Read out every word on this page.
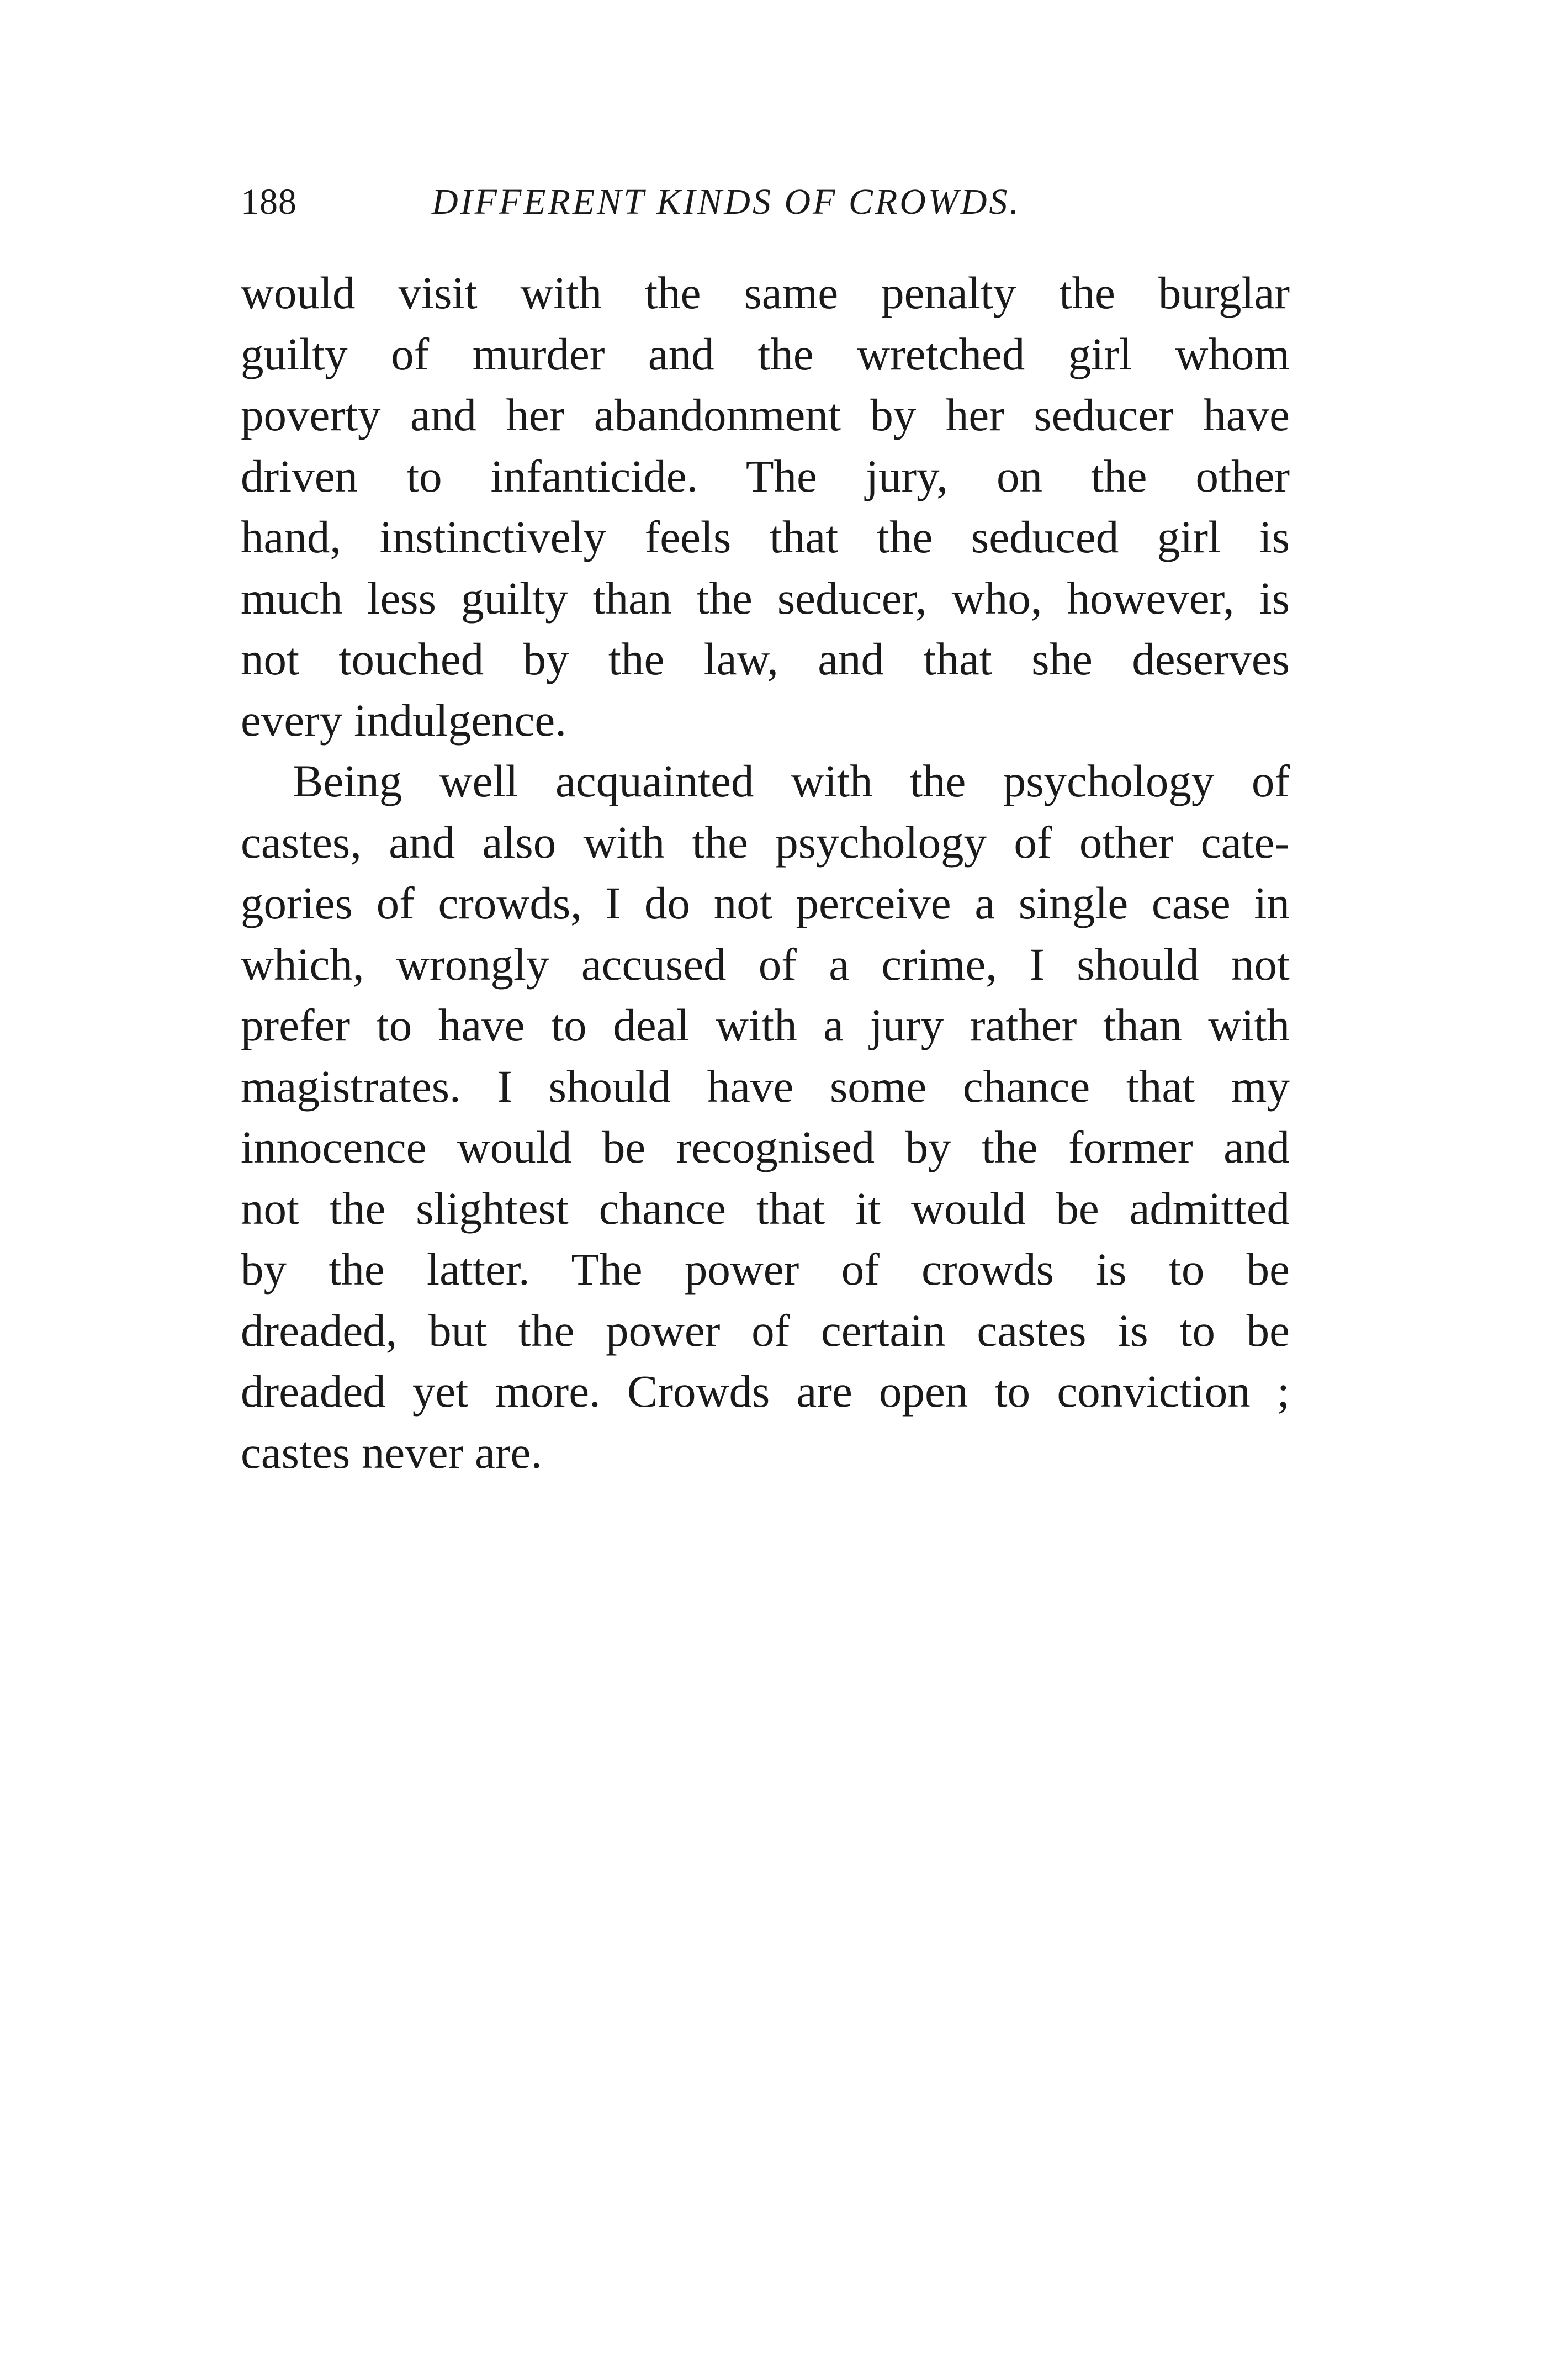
188	DIFFERENT KINDS OF CROWDS.
would visit with the same penalty the burglar
guilty of murder and the wretched girl whom
poverty and her abandonment by her seducer have
driven to infanticide. The jury, on the other
hand, instinctively feels that the seduced girl is
much less guilty than the seducer, who, however, is
not touched by the law, and that she deserves
every indulgence.
Being well acquainted with the psychology of
castes, and also with the psychology of other cate-
gories of crowds, I do not perceive a single case in
which, wrongly accused of a crime, I should not
prefer to have to deal with a jury rather than with
magistrates. I should have some chance that my
innocence would be recognised by the former and
not the slightest chance that it would be admitted
by the latter. The power of crowds is to be
dreaded, but the power of certain castes is to be
dreaded yet more. Crowds are open to conviction ;
castes never are.
